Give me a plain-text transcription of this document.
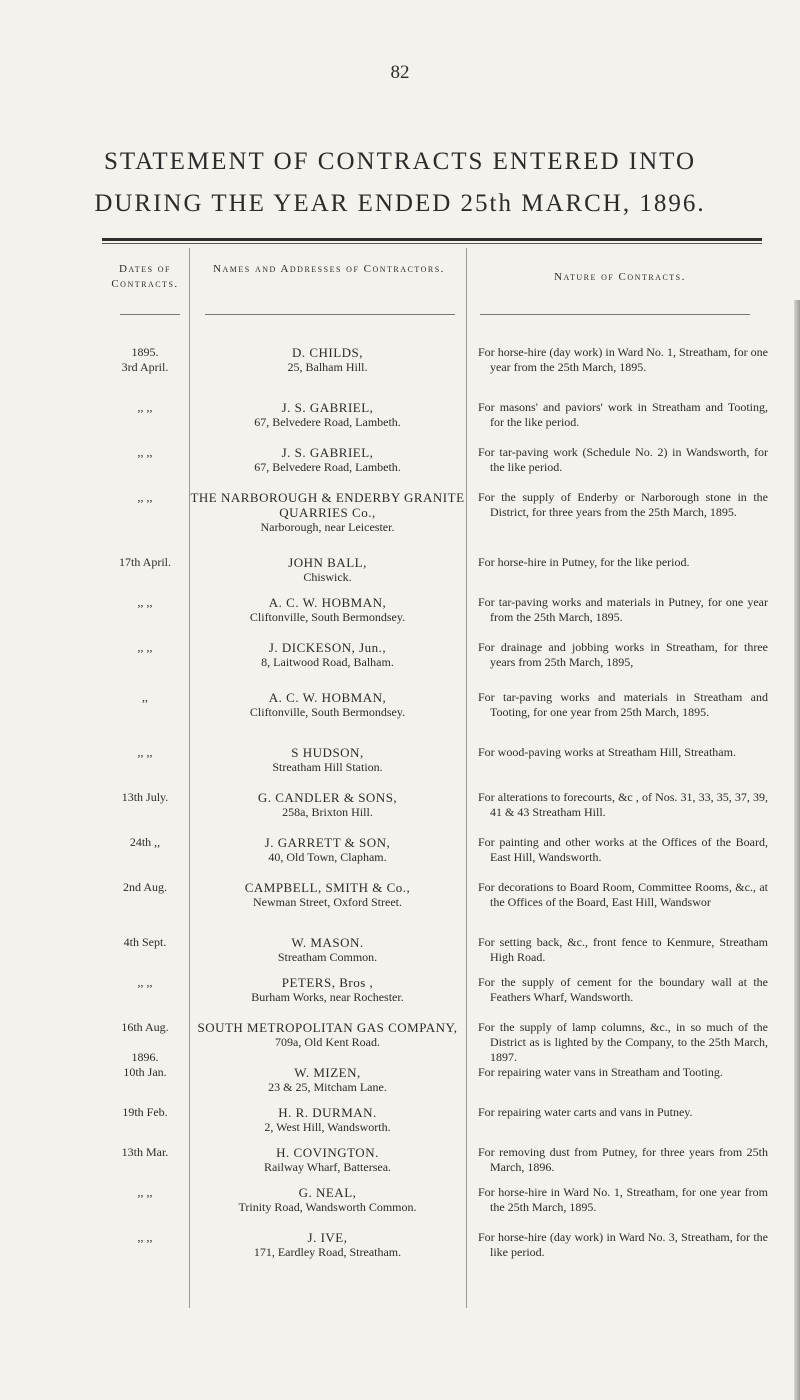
82
STATEMENT OF CONTRACTS ENTERED INTO
DURING THE YEAR ENDED 25th MARCH, 1896.
Dates of Contracts.
Names and Addresses of Contractors.
Nature of Contracts.
1895.
3rd April.
D. CHILDS,
25, Balham Hill.
For horse-hire (day work) in Ward No. 1, Streatham, for one year from the 25th March, 1895.
,, ,,	J. S. GABRIEL,
67, Belvedere Road, Lambeth.
For masons' and paviors' work in Streatham and Tooting, for the like period.
,, ,,	J. S. GABRIEL,
67, Belvedere Road, Lambeth.
For tar-paving work (Schedule No. 2) in Wandsworth, for the like period.
,, ,,	THE NARBOROUGH & ENDERBY GRANITE QUARRIES Co.,
Narborough, near Leicester.
For the supply of Enderby or Narborough stone in the District, for three years from the 25th March, 1895.
17th April.	JOHN BALL,
Chiswick.
For horse-hire in Putney, for the like period.
,, ,,	A. C. W. HOBMAN,
Cliftonville, South Bermondsey.
For tar-paving works and materials in Putney, for one year from the 25th March, 1895.
,, ,,	J. DICKESON, Jun.,
8, Laitwood Road, Balham.
For drainage and jobbing works in Streatham, for three years from 25th March, 1895,
,,	A. C. W. HOBMAN,
Cliftonville, South Bermondsey.
For tar-paving works and materials in Streatham and Tooting, for one year from 25th March, 1895.
,, ,,	S HUDSON,
Streatham Hill Station.
For wood-paving works at Streatham Hill, Streatham.
13th July.	G. CANDLER & SONS,
258a, Brixton Hill.
For alterations to forecourts, &c , of Nos. 31, 33, 35, 37, 39, 41 & 43 Streatham Hill.
24th ,,	J. GARRETT & SON,
40, Old Town, Clapham.
For painting and other works at the Offices of the Board, East Hill, Wandsworth.
2nd Aug.	CAMPBELL, SMITH & Co.,
Newman Street, Oxford Street.
For decorations to Board Room, Committee Rooms, &c., at the Offices of the Board, East Hill, Wandswor
4th Sept.	W. MASON.
Streatham Common.
For setting back, &c., front fence to Kenmure, Streatham High Road.
,, ,,	PETERS, Bros ,
Burham Works, near Rochester.
For the supply of cement for the boundary wall at the Feathers Wharf, Wandsworth.
16th Aug.	SOUTH METROPOLITAN GAS COMPANY,
709a, Old Kent Road.
For the supply of lamp columns, &c., in so much of the District as is lighted by the Company, to the 25th March, 1897.
1896.
10th Jan.	W. MIZEN,
23 & 25, Mitcham Lane.
For repairing water vans in Streatham and Tooting.
19th Feb.	H. R. DURMAN.
2, West Hill, Wandsworth.
For repairing water carts and vans in Putney.
13th Mar.	H. COVINGTON.
Railway Wharf, Battersea.
For removing dust from Putney, for three years from 25th March, 1896.
,, ,,	G. NEAL,
Trinity Road, Wandsworth Common.
For horse-hire in Ward No. 1, Streatham, for one year from the 25th March, 1895.
,, ,,	J. IVE,
171, Eardley Road, Streatham.
For horse-hire (day work) in Ward No. 3, Streatham, for the like period.
